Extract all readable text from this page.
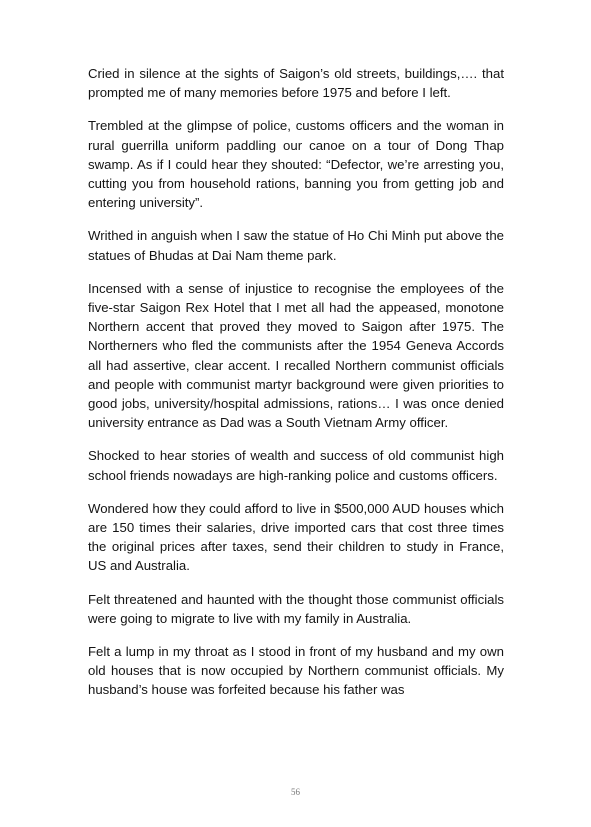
Cried in silence at the sights of Saigon’s old streets, buildings,…. that prompted me of many memories before 1975 and before I left.

Trembled at the glimpse of police, customs officers and the woman in rural guerrilla uniform paddling our canoe on a tour of Dong Thap swamp. As if I could hear they shouted: “Defector, we’re arresting you, cutting you from household rations, banning you from getting job and entering university”.

Writhed in anguish when I saw the statue of Ho Chi Minh put above the statues of Bhudas at Dai Nam theme park.

Incensed with a sense of injustice to recognise the employees of the five-star Saigon Rex Hotel that I met all had the appeased, monotone Northern accent that proved they moved to Saigon after 1975. The Northerners who fled the communists after the 1954 Geneva Accords all had assertive, clear accent. I recalled Northern communist officials and people with communist martyr background were given priorities to good jobs, university/hospital admissions, rations… I was once denied university entrance as Dad was a South Vietnam Army officer.

Shocked to hear stories of wealth and success of old communist high school friends nowadays are high-ranking police and customs officers.

Wondered how they could afford to live in $500,000 AUD houses which are 150 times their salaries, drive imported cars that cost three times the original prices after taxes, send their children to study in France, US and Australia.

Felt threatened and haunted with the thought those communist officials were going to migrate to live with my family in Australia.

Felt a lump in my throat as I stood in front of my husband and my own old houses that is now occupied by Northern communist officials. My husband’s house was forfeited because his father was

56
